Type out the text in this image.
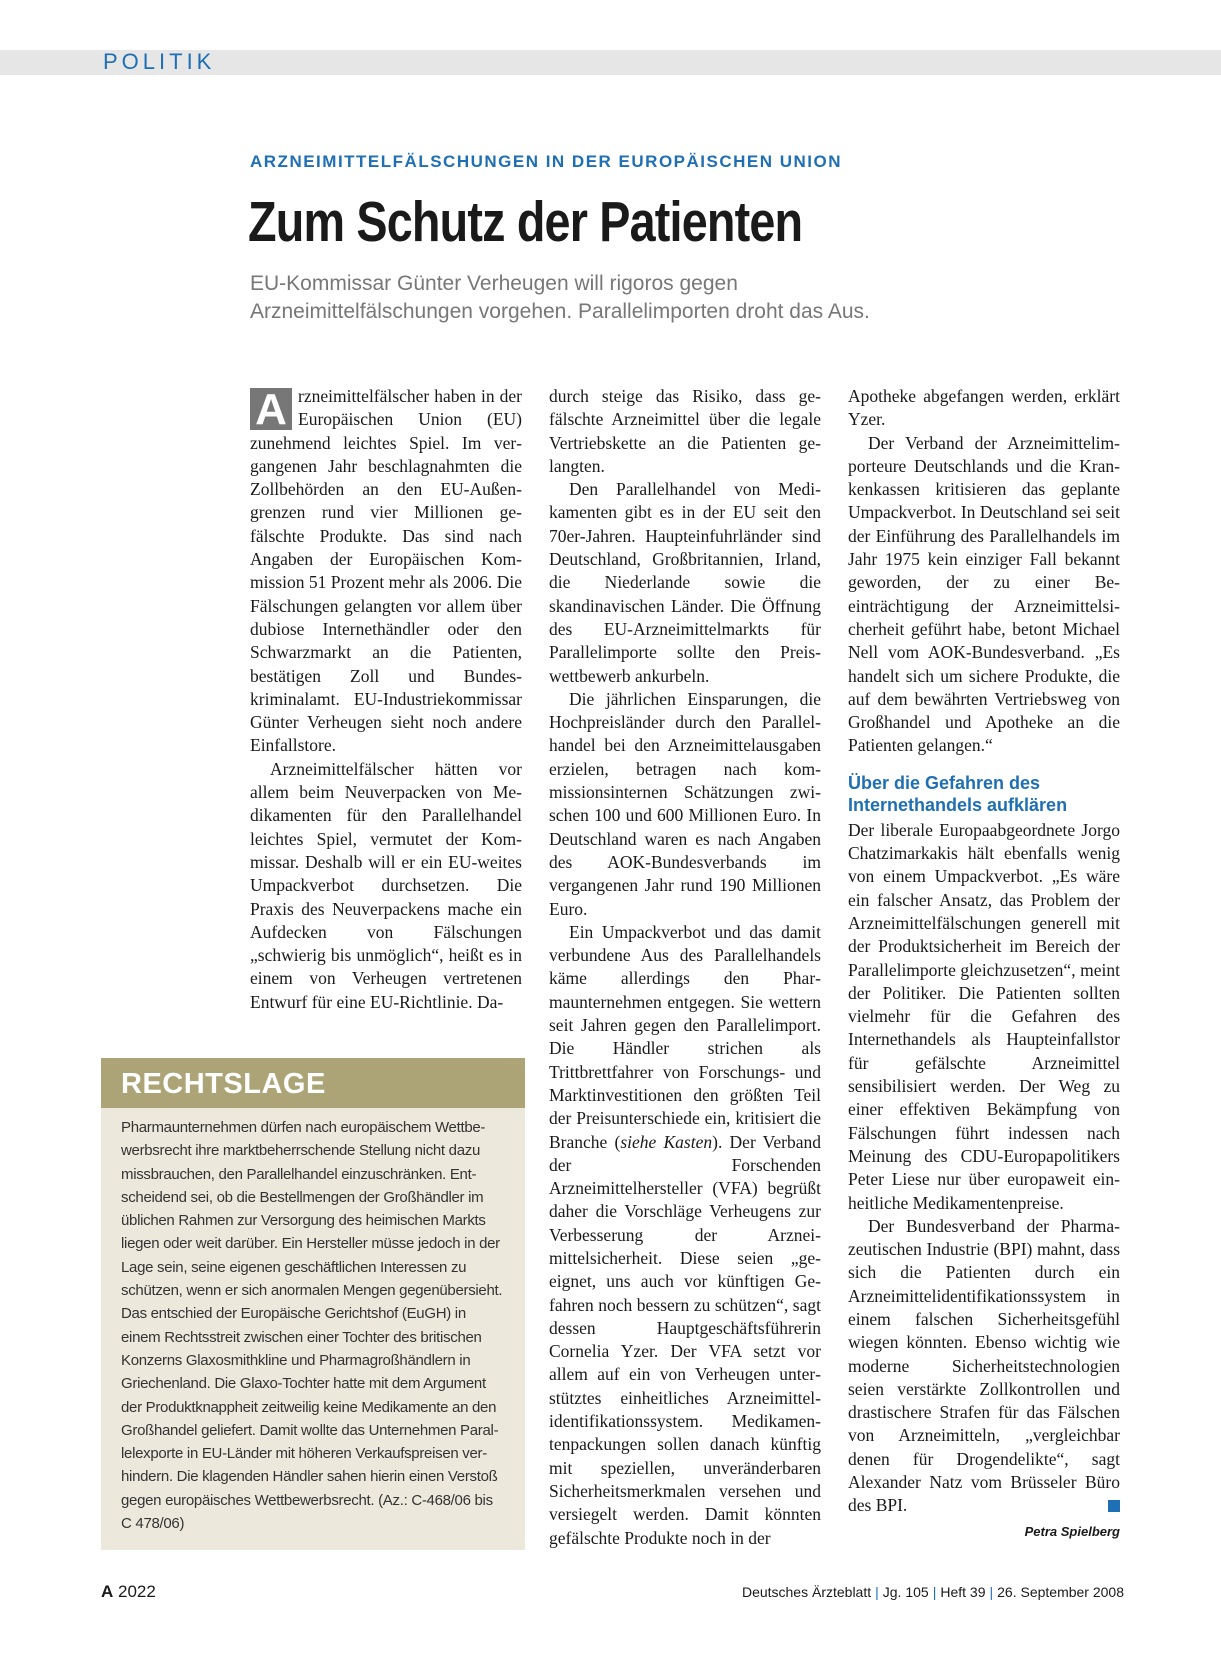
POLITIK
ARZNEIMITTELFÄLSCHUNGEN IN DER EUROPÄISCHEN UNION
Zum Schutz der Patienten
EU-Kommissar Günter Verheugen will rigoros gegen
Arzneimittelfälschungen vorgehen. Parallelimporten droht das Aus.

A rzneimittelfälscher haben in der Europäischen Union (EU) zunehmend leichtes Spiel. Im vergangenen Jahr beschlagnahmten die Zollbehörden an den EU-Außengrenzen rund vier Millionen gefälschte Produkte. Das sind nach Angaben der Europäischen Kommission 51 Prozent mehr als 2006. Die Fälschungen gelangten vor allem über dubiose Internethändler oder den Schwarzmarkt an die Patienten, bestätigen Zoll und Bundeskriminalamt. EU-Industriekommissar Günter Verheugen sieht noch andere Einfallstore.

Arzneimittelfälscher hätten vor allem beim Neuverpacken von Medikamenten für den Parallelhandel leichtes Spiel, vermutet der Kommissar. Deshalb will er ein EU-weites Umpackverbot durchsetzen. Die Praxis des Neuverpackens mache ein Aufdecken von Fälschungen „schwierig bis unmöglich“, heißt es in einem von Verheugen vertretenen Entwurf für eine EU-Richtlinie. Da-

durch steige das Risiko, dass gefälschte Arzneimittel über die legale Vertriebskette an die Patienten gelangten.

Den Parallelhandel von Medikamenten gibt es in der EU seit den 70er-Jahren. Haupteinfuhrländer sind Deutschland, Großbritannien, Irland, die Niederlande sowie die skandinavischen Länder. Die Öffnung des EU-Arzneimittelmarkts für Parallelimporte sollte den Preiswettbewerb ankurbeln.

Die jährlichen Einsparungen, die Hochpreisländer durch den Parallelhandel bei den Arzneimittelausgaben erzielen, betragen nach kommissionsinternen Schätzungen zwischen 100 und 600 Millionen Euro. In Deutschland waren es nach Angaben des AOK-Bundesverbands im vergangenen Jahr rund 190 Millionen Euro.

Ein Umpackverbot und das damit verbundene Aus des Parallelhandels käme allerdings den Pharmaunternehmen entgegen. Sie wettern seit Jahren gegen den Parallelimport. Die Händler strichen als Trittbrettfahrer von Forschungs- und Marktinvestitionen den größten Teil der Preisunterschiede ein, kritisiert die Branche (siehe Kasten). Der Verband der Forschenden Arzneimittelhersteller (VFA) begrüßt daher die Vorschläge Verheugens zur Verbesserung der Arzneimittelsicherheit. Diese seien „geeignet, uns auch vor künftigen Gefahren noch bessern zu schützen“, sagt dessen Hauptgeschäftsführerin Cornelia Yzer. Der VFA setzt vor allem auf ein von Verheugen unterstütztes einheitliches Arzneimittelidentifikationssystem. Medikamentenpackungen sollen danach künftig mit speziellen, unveränderbaren Sicherheitsmerkmalen versehen und versiegelt werden. Damit könnten gefälschte Produkte noch in der

Apotheke abgefangen werden, erklärt Yzer.

Der Verband der Arzneimittelimporteure Deutschlands und die Krankenkassen kritisieren das geplante Umpackverbot. In Deutschland sei seit der Einführung des Parallelhandels im Jahr 1975 kein einziger Fall bekannt geworden, der zu einer Beeinträchtigung der Arzneimittelsicherheit geführt habe, betont Michael Nell vom AOK-Bundesverband. „Es handelt sich um sichere Produkte, die auf dem bewährten Vertriebsweg von Großhandel und Apotheke an die Patienten gelangen.“

Über die Gefahren des
Internethandels aufklären

Der liberale Europaabgeordnete Jorgo Chatzimarkakis hält ebenfalls wenig von einem Umpackverbot. „Es wäre ein falscher Ansatz, das Problem der Arzneimittelfälschungen generell mit der Produktsicherheit im Bereich der Parallelimporte gleichzusetzen“, meint der Politiker. Die Patienten sollten vielmehr für die Gefahren des Internethandels als Haupteinfallstor für gefälschte Arzneimittel sensibilisiert werden. Der Weg zu einer effektiven Bekämpfung von Fälschungen führt indessen nach Meinung des CDU-Europapolitikers Peter Liese nur über europaweit einheitliche Medikamentenpreise.

Der Bundesverband der Pharmazeutischen Industrie (BPI) mahnt, dass sich die Patienten durch ein Arzneimittelidentifikationssystem in einem falschen Sicherheitsgefühl wiegen könnten. Ebenso wichtig wie moderne Sicherheitstechnologien seien verstärkte Zollkontrollen und drastischere Strafen für das Fälschen von Arzneimitteln, „vergleichbar denen für Drogendelikte“, sagt Alexander Natz vom Brüsseler Büro des BPI.

Petra Spielberg
RECHTSLAGE
Pharmaunternehmen dürfen nach europäischem Wettbewerbsrecht ihre marktbeherrschende Stellung nicht dazu missbrauchen, den Parallelhandel einzuschränken. Entscheidend sei, ob die Bestellmengen der Großhändler im üblichen Rahmen zur Versorgung des heimischen Markts liegen oder weit darüber. Ein Hersteller müsse jedoch in der Lage sein, seine eigenen geschäftlichen Interessen zu schützen, wenn er sich anormalen Mengen gegenübersieht. Das entschied der Europäische Gerichtshof (EuGH) in einem Rechtsstreit zwischen einer Tochter des britischen Konzerns Glaxosmithkline und Pharmagroßhändlern in Griechenland. Die Glaxo-Tochter hatte mit dem Argument der Produktknappheit zeitweilig keine Medikamente an den Großhandel geliefert. Damit wollte das Unternehmen Parallelexporte in EU-Länder mit höheren Verkaufspreisen verhindern. Die klagenden Händler sahen hierin einen Verstoß gegen europäisches Wettbewerbsrecht. (Az.: C-468/06 bis C 478/06)
A 2022	Deutsches Ärzteblatt | Jg. 105 | Heft 39 | 26. September 2008
